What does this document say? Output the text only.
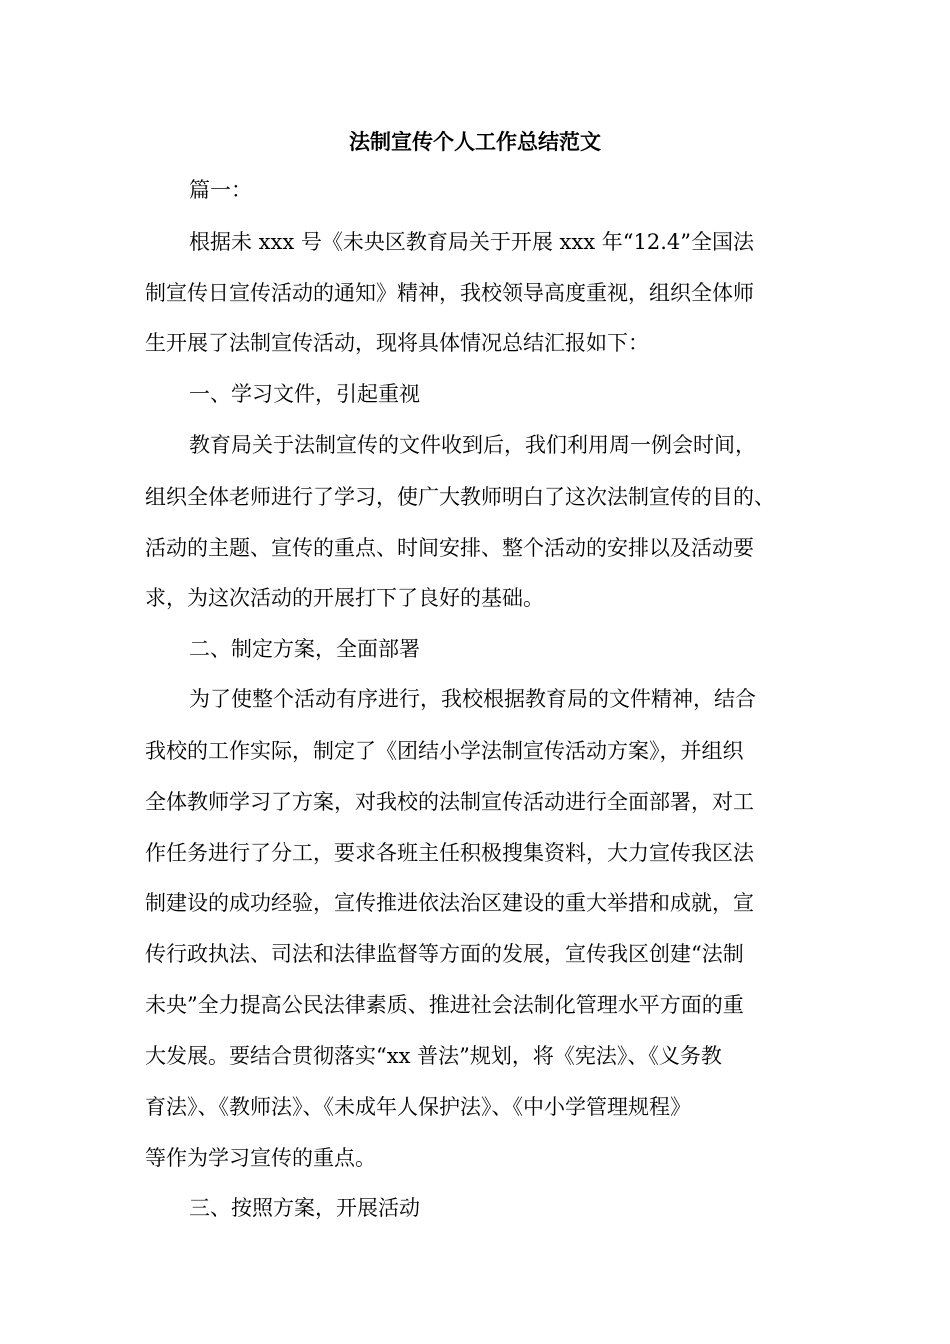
法制宣传个人工作总结范文
篇一：
根据未 xxx 号《未央区教育局关于开展 xxx 年“12.4”全国法
制宣传日宣传活动的通知》精神，我校领导高度重视，组织全体师
生开展了法制宣传活动，现将具体情况总结汇报如下：
一、学习文件，引起重视
教育局关于法制宣传的文件收到后，我们利用周一例会时间，
组织全体老师进行了学习，使广大教师明白了这次法制宣传的目的、
活动的主题、宣传的重点、时间安排、整个活动的安排以及活动要
求，为这次活动的开展打下了良好的基础。
二、制定方案，全面部署
为了使整个活动有序进行，我校根据教育局的文件精神，结合
我校的工作实际，制定了《团结小学法制宣传活动方案》，并组织
全体教师学习了方案，对我校的法制宣传活动进行全面部署，对工
作任务进行了分工，要求各班主任积极搜集资料，大力宣传我区法
制建设的成功经验，宣传推进依法治区建设的重大举措和成就，宣
传行政执法、司法和法律监督等方面的发展，宣传我区创建“法制
未央”全力提高公民法律素质、推进社会法制化管理水平方面的重
大发展。要结合贯彻落实“xx 普法”规划，将《宪法》、《义务教
育法》、《教师法》、《未成年人保护法》、《中小学管理规程》
等作为学习宣传的重点。
三、按照方案，开展活动
